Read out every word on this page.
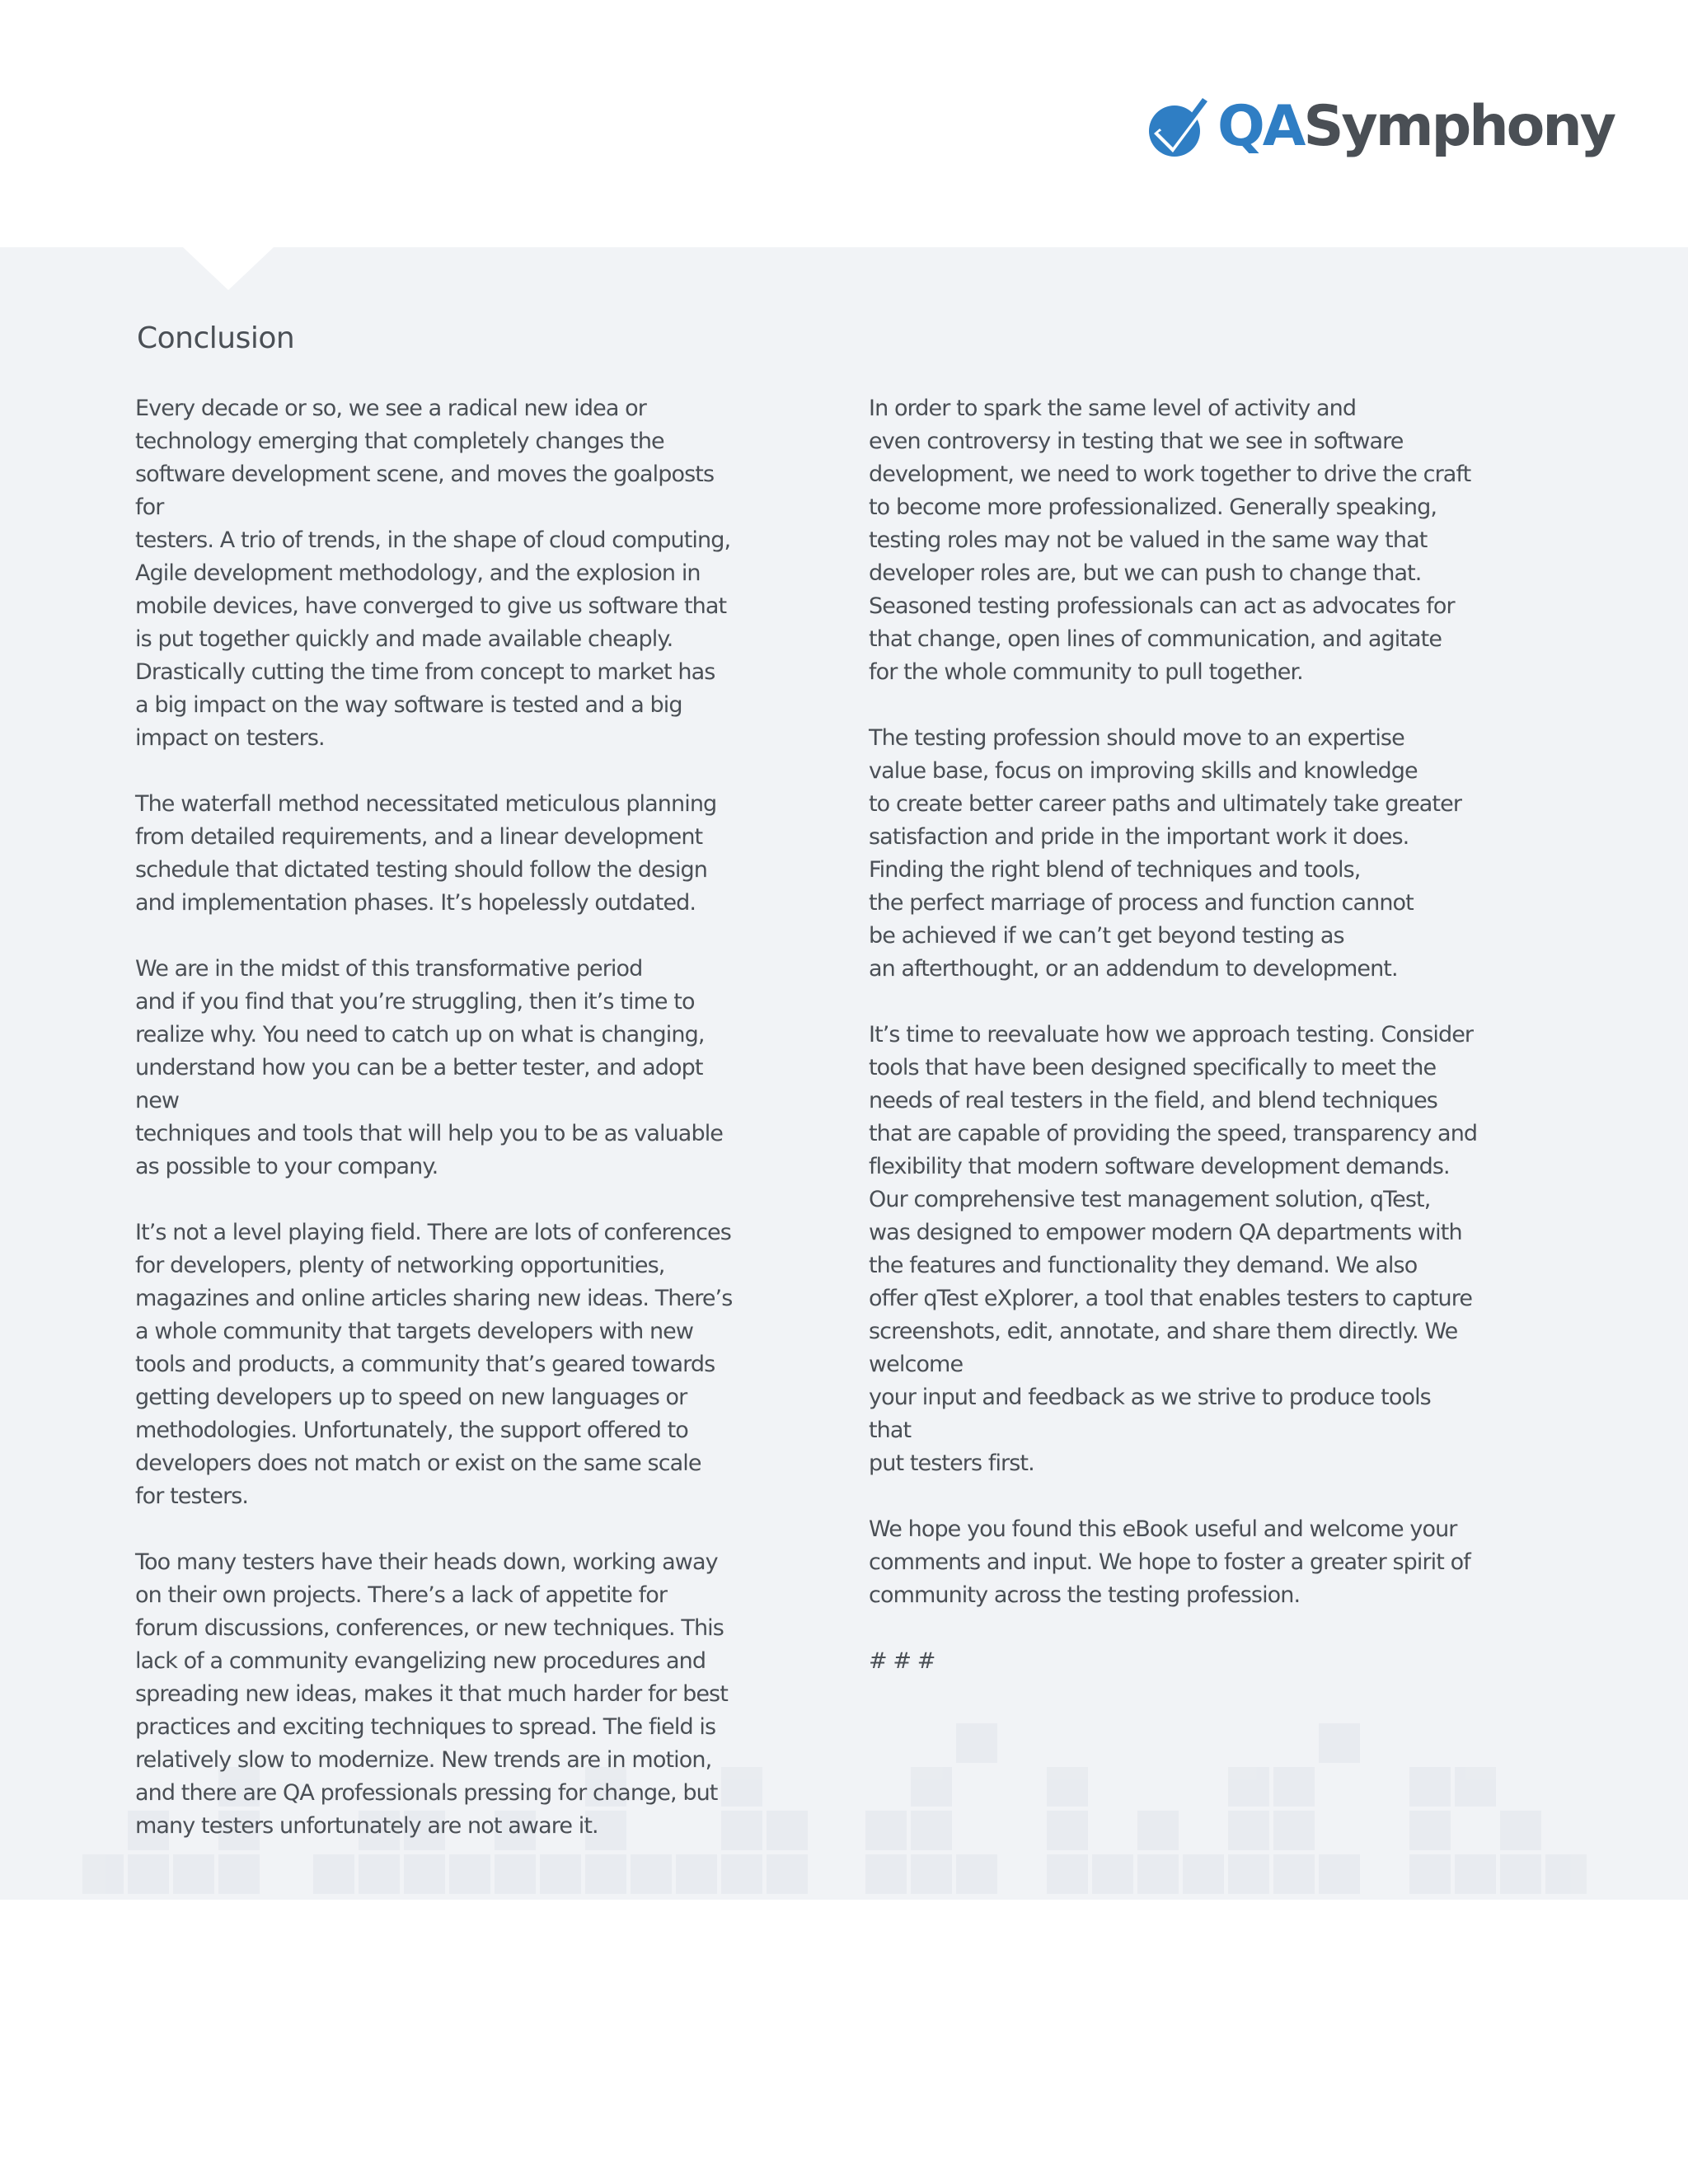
QASymphony
Conclusion

Every decade or so, we see a radical new idea or
technology emerging that completely changes the
software development scene, and moves the goalposts for
testers. A trio of trends, in the shape of cloud computing,
Agile development methodology, and the explosion in
mobile devices, have converged to give us software that
is put together quickly and made available cheaply.
Drastically cutting the time from concept to market has
a big impact on the way software is tested and a big
impact on testers.

The waterfall method necessitated meticulous planning
from detailed requirements, and a linear development
schedule that dictated testing should follow the design
and implementation phases. It’s hopelessly outdated.

We are in the midst of this transformative period
and if you find that you’re struggling, then it’s time to
realize why. You need to catch up on what is changing,
understand how you can be a better tester, and adopt new
techniques and tools that will help you to be as valuable
as possible to your company.

It’s not a level playing field. There are lots of conferences
for developers, plenty of networking opportunities,
magazines and online articles sharing new ideas. There’s
a whole community that targets developers with new
tools and products, a community that’s geared towards
getting developers up to speed on new languages or
methodologies. Unfortunately, the support offered to
developers does not match or exist on the same scale
for testers.

Too many testers have their heads down, working away
on their own projects. There’s a lack of appetite for
forum discussions, conferences, or new techniques. This
lack of a community evangelizing new procedures and
spreading new ideas, makes it that much harder for best
practices and exciting techniques to spread. The field is
relatively slow to modernize. New trends are in motion,
and there are QA professionals pressing for change, but
many testers unfortunately are not aware it.

In order to spark the same level of activity and
even controversy in testing that we see in software
development, we need to work together to drive the craft
to become more professionalized. Generally speaking,
testing roles may not be valued in the same way that
developer roles are, but we can push to change that.
Seasoned testing professionals can act as advocates for
that change, open lines of communication, and agitate
for the whole community to pull together.

The testing profession should move to an expertise
value base, focus on improving skills and knowledge
to create better career paths and ultimately take greater
satisfaction and pride in the important work it does.
Finding the right blend of techniques and tools,
the perfect marriage of process and function cannot
be achieved if we can’t get beyond testing as
an afterthought, or an addendum to development.

It’s time to reevaluate how we approach testing. Consider
tools that have been designed specifically to meet the
needs of real testers in the field, and blend techniques
that are capable of providing the speed, transparency and
flexibility that modern software development demands.
Our comprehensive test management solution, qTest,
was designed to empower modern QA departments with
the features and functionality they demand. We also
offer qTest eXplorer, a tool that enables testers to capture
screenshots, edit, annotate, and share them directly. We welcome
your input and feedback as we strive to produce tools that
put testers first.

We hope you found this eBook useful and welcome your
comments and input. We hope to foster a greater spirit of
community across the testing profession.

# # #
